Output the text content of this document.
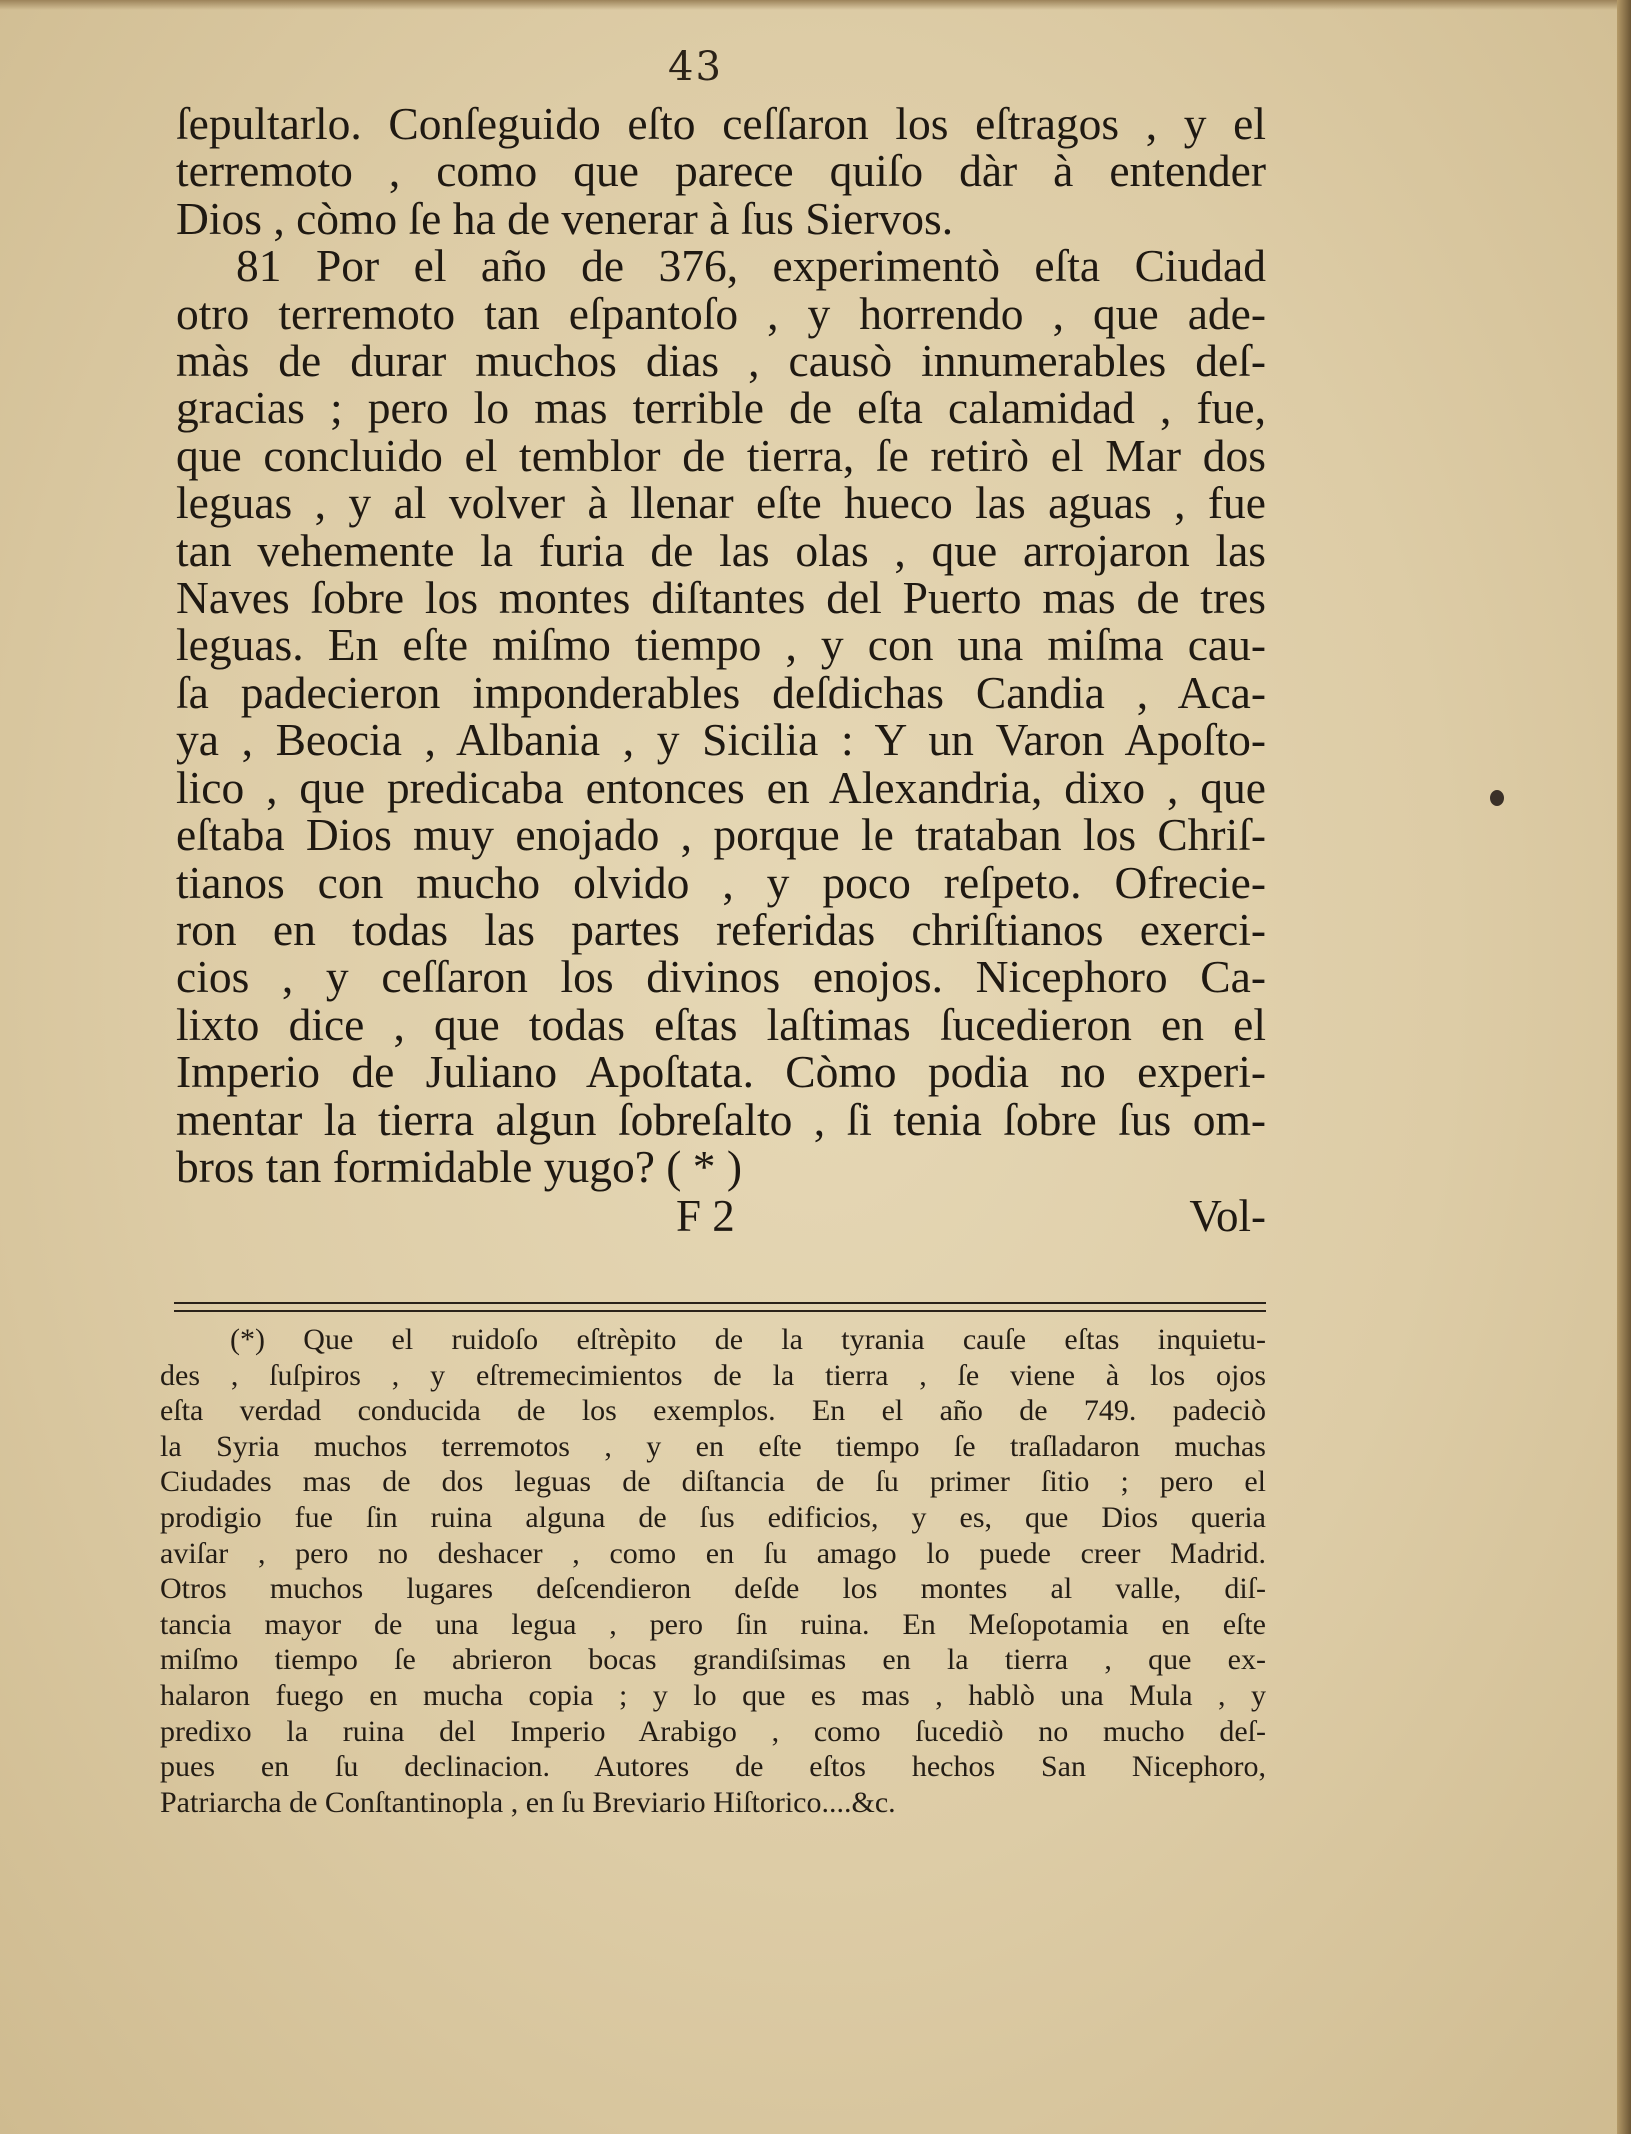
43
ſepultarlo. Conſeguido eſto ceſſaron los eſtragos , y el
terremoto , como que parece quiſo dàr à entender
Dios , còmo ſe ha de venerar à ſus Siervos.
81 Por el año de 376, experimentò eſta Ciudad
otro terremoto tan eſpantoſo , y horrendo , que ade-
màs de durar muchos dias , causò innumerables deſ-
gracias ; pero lo mas terrible de eſta calamidad , fue,
que concluido el temblor de tierra, ſe retirò el Mar dos
leguas , y al volver à llenar eſte hueco las aguas , fue
tan vehemente la furia de las olas , que arrojaron las
Naves ſobre los montes diſtantes del Puerto mas de tres
leguas. En eſte miſmo tiempo , y con una miſma cau-
ſa padecieron imponderables deſdichas Candia , Aca-
ya , Beocia , Albania , y Sicilia : Y un Varon Apoſto-
lico , que predicaba entonces en Alexandria, dixo , que
eſtaba Dios muy enojado , porque le trataban los Chriſ-
tianos con mucho olvido , y poco reſpeto. Ofrecie-
ron en todas las partes referidas chriſtianos exerci-
cios , y ceſſaron los divinos enojos. Nicephoro Ca-
lixto dice , que todas eſtas laſtimas ſucedieron en el
Imperio de Juliano Apoſtata. Còmo podia no experi-
mentar la tierra algun ſobreſalto , ſi tenia ſobre ſus om-
bros tan formidable yugo? ( * )
F 2	Vol-
(*) Que el ruidoſo eſtrèpito de la tyrania cauſe eſtas inquietu-
des , ſuſpiros , y eſtremecimientos de la tierra , ſe viene à los ojos
eſta verdad conducida de los exemplos. En el año de 749. padeciò
la Syria muchos terremotos , y en eſte tiempo ſe traſladaron muchas
Ciudades mas de dos leguas de diſtancia de ſu primer ſitio ; pero el
prodigio fue ſin ruina alguna de ſus edificios, y es, que Dios queria
aviſar , pero no deshacer , como en ſu amago lo puede creer Madrid.
Otros muchos lugares deſcendieron deſde los montes al valle, diſ-
tancia mayor de una legua , pero ſin ruina. En Meſopotamia en eſte
miſmo tiempo ſe abrieron bocas grandiſsimas en la tierra , que ex-
halaron fuego en mucha copia ; y lo que es mas , hablò una Mula , y
predixo la ruina del Imperio Arabigo , como ſucediò no mucho deſ-
pues en ſu declinacion. Autores de eſtos hechos San Nicephoro,
Patriarcha de Conſtantinopla , en ſu Breviario Hiſtorico....&c.
